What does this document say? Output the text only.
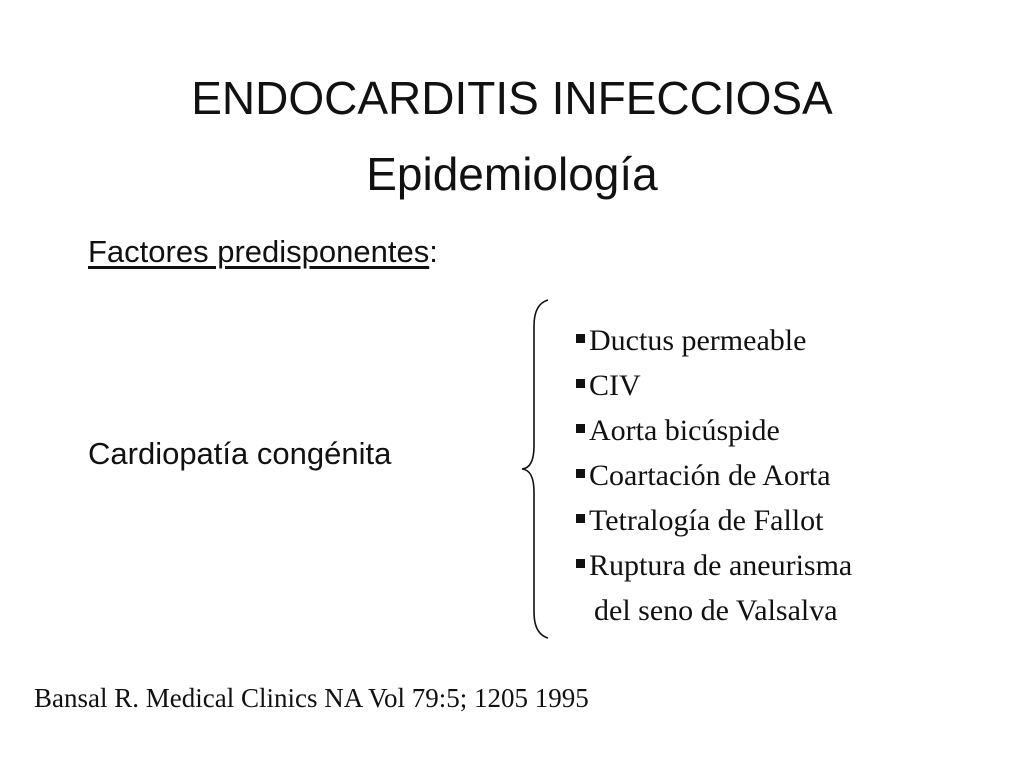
ENDOCARDITIS INFECCIOSA
Epidemiología
Factores predisponentes:
Cardiopatía congénita
Ductus permeable
CIV
Aorta bicúspide
Coartación de Aorta
Tetralogía de Fallot
Ruptura de aneurisma
del seno de Valsalva
Bansal R. Medical Clinics NA Vol 79:5; 1205 1995
